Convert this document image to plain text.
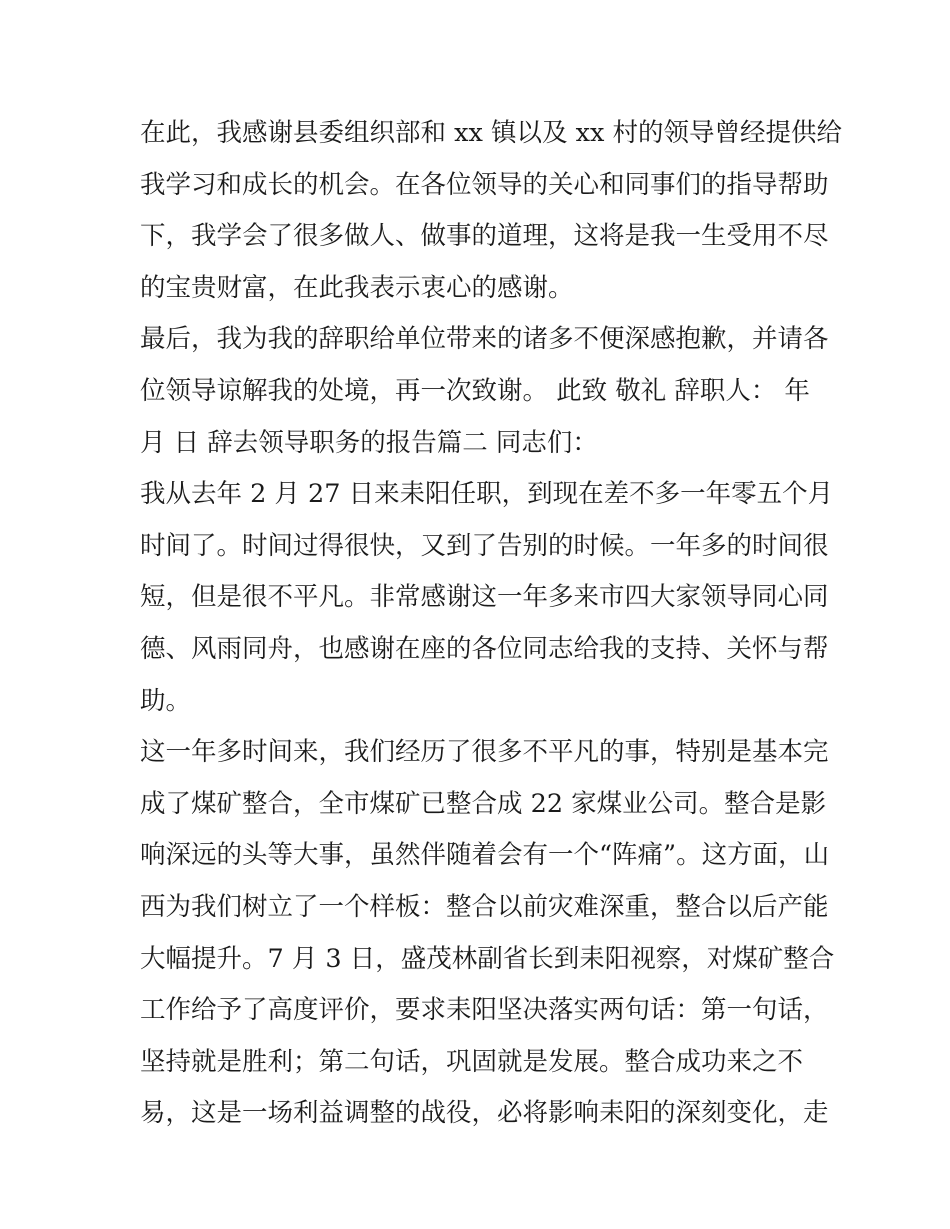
在此，我感谢县委组织部和 xx 镇以及 xx 村的领导曾经提供给
我学习和成长的机会。在各位领导的关心和同事们的指导帮助
下，我学会了很多做人、做事的道理，这将是我一生受用不尽
的宝贵财富，在此我表示衷心的感谢。
最后，我为我的辞职给单位带来的诸多不便深感抱歉，并请各
位领导谅解我的处境，再一次致谢。 此致 敬礼 辞职人： 年
月 日 辞去领导职务的报告篇二 同志们：
我从去年 2 月 27 日来耒阳任职，到现在差不多一年零五个月
时间了。时间过得很快，又到了告别的时候。一年多的时间很
短，但是很不平凡。非常感谢这一年多来市四大家领导同心同
德、风雨同舟，也感谢在座的各位同志给我的支持、关怀与帮
助。
这一年多时间来，我们经历了很多不平凡的事，特别是基本完
成了煤矿整合，全市煤矿已整合成 22 家煤业公司。整合是影
响深远的头等大事，虽然伴随着会有一个“阵痛”。这方面，山
西为我们树立了一个样板：整合以前灾难深重，整合以后产能
大幅提升。7 月 3 日，盛茂林副省长到耒阳视察，对煤矿整合
工作给予了高度评价，要求耒阳坚决落实两句话：第一句话，
坚持就是胜利；第二句话，巩固就是发展。整合成功来之不
易，这是一场利益调整的战役，必将影响耒阳的深刻变化，走
